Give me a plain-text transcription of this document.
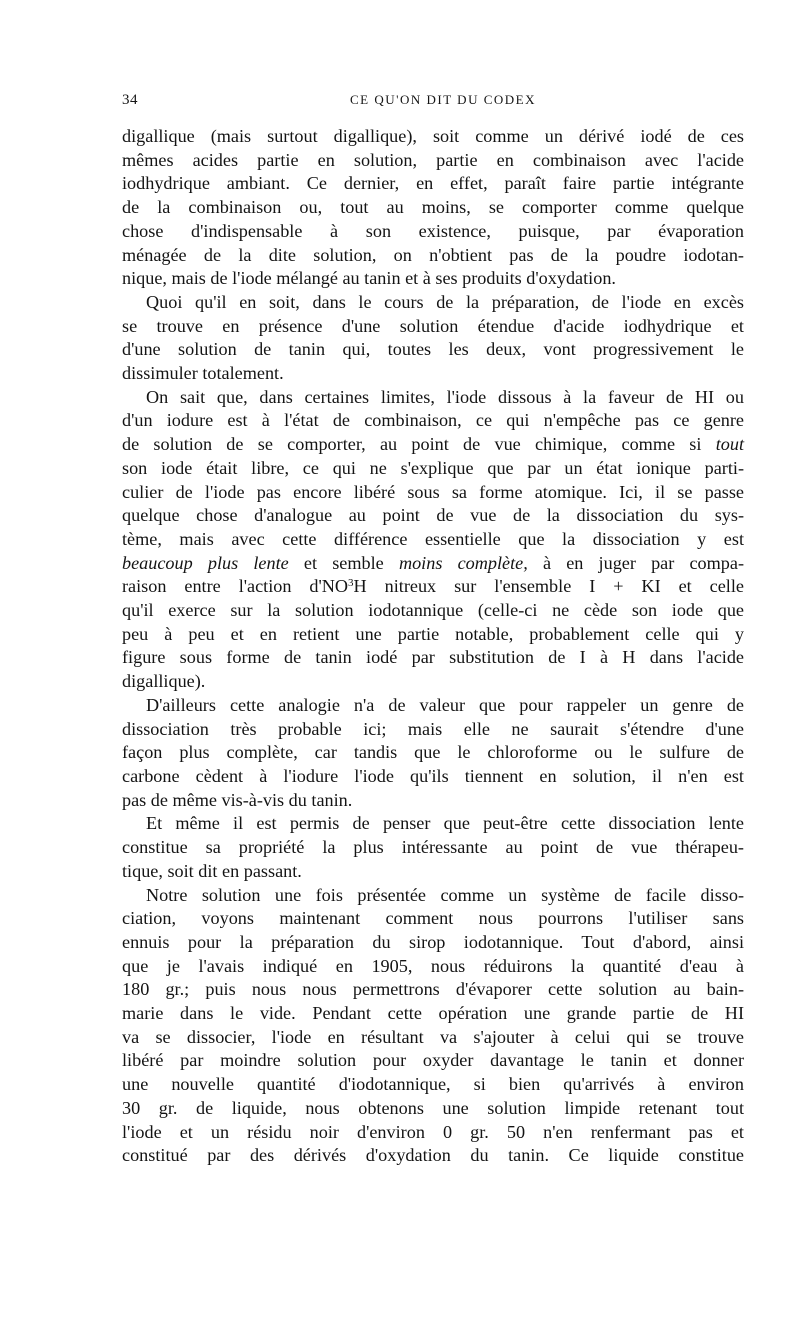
34	CE QU'ON DIT DU CODEX
digallique (mais surtout digallique), soit comme un dérivé iodé de ces
mêmes acides partie en solution, partie en combinaison avec l'acide
iodhydrique ambiant. Ce dernier, en effet, paraît faire partie intégrante
de la combinaison ou, tout au moins, se comporter comme quelque
chose d'indispensable à son existence, puisque, par évaporation
ménagée de la dite solution, on n'obtient pas de la poudre iodotan-
nique, mais de l'iode mélangé au tanin et à ses produits d'oxydation.
Quoi qu'il en soit, dans le cours de la préparation, de l'iode en excès
se trouve en présence d'une solution étendue d'acide iodhydrique et
d'une solution de tanin qui, toutes les deux, vont progressivement le
dissimuler totalement.
On sait que, dans certaines limites, l'iode dissous à la faveur de HI ou
d'un iodure est à l'état de combinaison, ce qui n'empêche pas ce genre
de solution de se comporter, au point de vue chimique, comme si tout
son iode était libre, ce qui ne s'explique que par un état ionique parti-
culier de l'iode pas encore libéré sous sa forme atomique. Ici, il se passe
quelque chose d'analogue au point de vue de la dissociation du sys-
tème, mais avec cette différence essentielle que la dissociation y est
beaucoup plus lente et semble moins complète, à en juger par compa-
raison entre l'action $d'NO^3H$ nitreux sur l'ensemble I + KI et celle
qu'il exerce sur la solution iodotannique (celle-ci ne cède son iode que
peu à peu et en retient une partie notable, probablement celle qui y
figure sous forme de tanin iodé par substitution de I à H dans l'acide
digallique).
D'ailleurs cette analogie n'a de valeur que pour rappeler un genre de
dissociation très probable ici; mais elle ne saurait s'étendre d'une
façon plus complète, car tandis que le chloroforme ou le sulfure de
carbone cèdent à l'iodure l'iode qu'ils tiennent en solution, il n'en est
pas de même vis-à-vis du tanin.
Et même il est permis de penser que peut-être cette dissociation lente
constitue sa propriété la plus intéressante au point de vue thérapeu-
tique, soit dit en passant.
Notre solution une fois présentée comme un système de facile disso-
ciation, voyons maintenant comment nous pourrons l'utiliser sans
ennuis pour la préparation du sirop iodotannique. Tout d'abord, ainsi
que je l'avais indiqué en 1905, nous réduirons la quantité d'eau à
180 gr.; puis nous nous permettrons d'évaporer cette solution au bain-
marie dans le vide. Pendant cette opération une grande partie de HI
va se dissocier, l'iode en résultant va s'ajouter à celui qui se trouve
libéré par moindre solution pour oxyder davantage le tanin et donner
une nouvelle quantité d'iodotannique, si bien qu'arrivés à environ
30 gr. de liquide, nous obtenons une solution limpide retenant tout
l'iode et un résidu noir d'environ 0 gr. 50 n'en renfermant pas et
constitué par des dérivés d'oxydation du tanin. Ce liquide constitue
